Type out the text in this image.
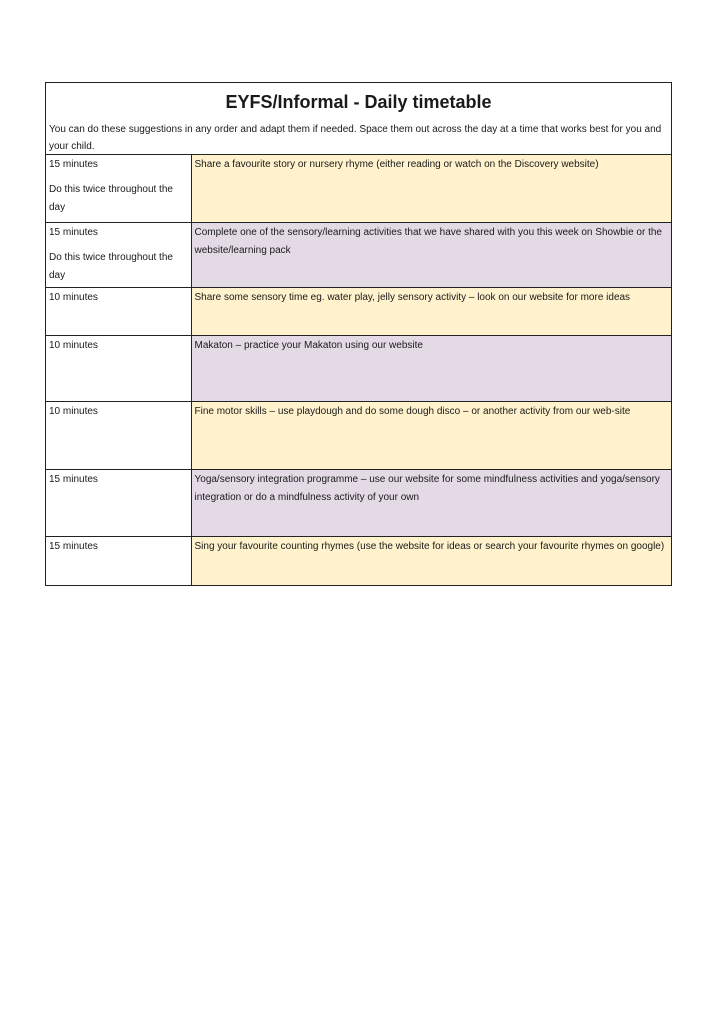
EYFS/Informal - Daily timetable
You can do these suggestions in any order and adapt them if needed. Space them out across the day at a time that works best for you and your child.
15 minutes
Do this twice throughout the day	Share a favourite story or nursery rhyme (either reading or watch on the Discovery website)

15 minutes
Do this twice throughout the day	Complete one of the sensory/learning activities that we have shared with you this week on Showbie or the website/learning pack

10 minutes	Share some sensory time eg. water play, jelly sensory activity – look on our website for more ideas

10 minutes	Makaton – practice your Makaton using our website

10 minutes	Fine motor skills – use playdough and do some dough disco – or another activity from our web-site

15 minutes	Yoga/sensory integration programme – use our website for some mindfulness activities and yoga/sensory integration or do a mindfulness activity of your own

15 minutes	Sing your favourite counting rhymes (use the website for ideas or search your favourite rhymes on google)
